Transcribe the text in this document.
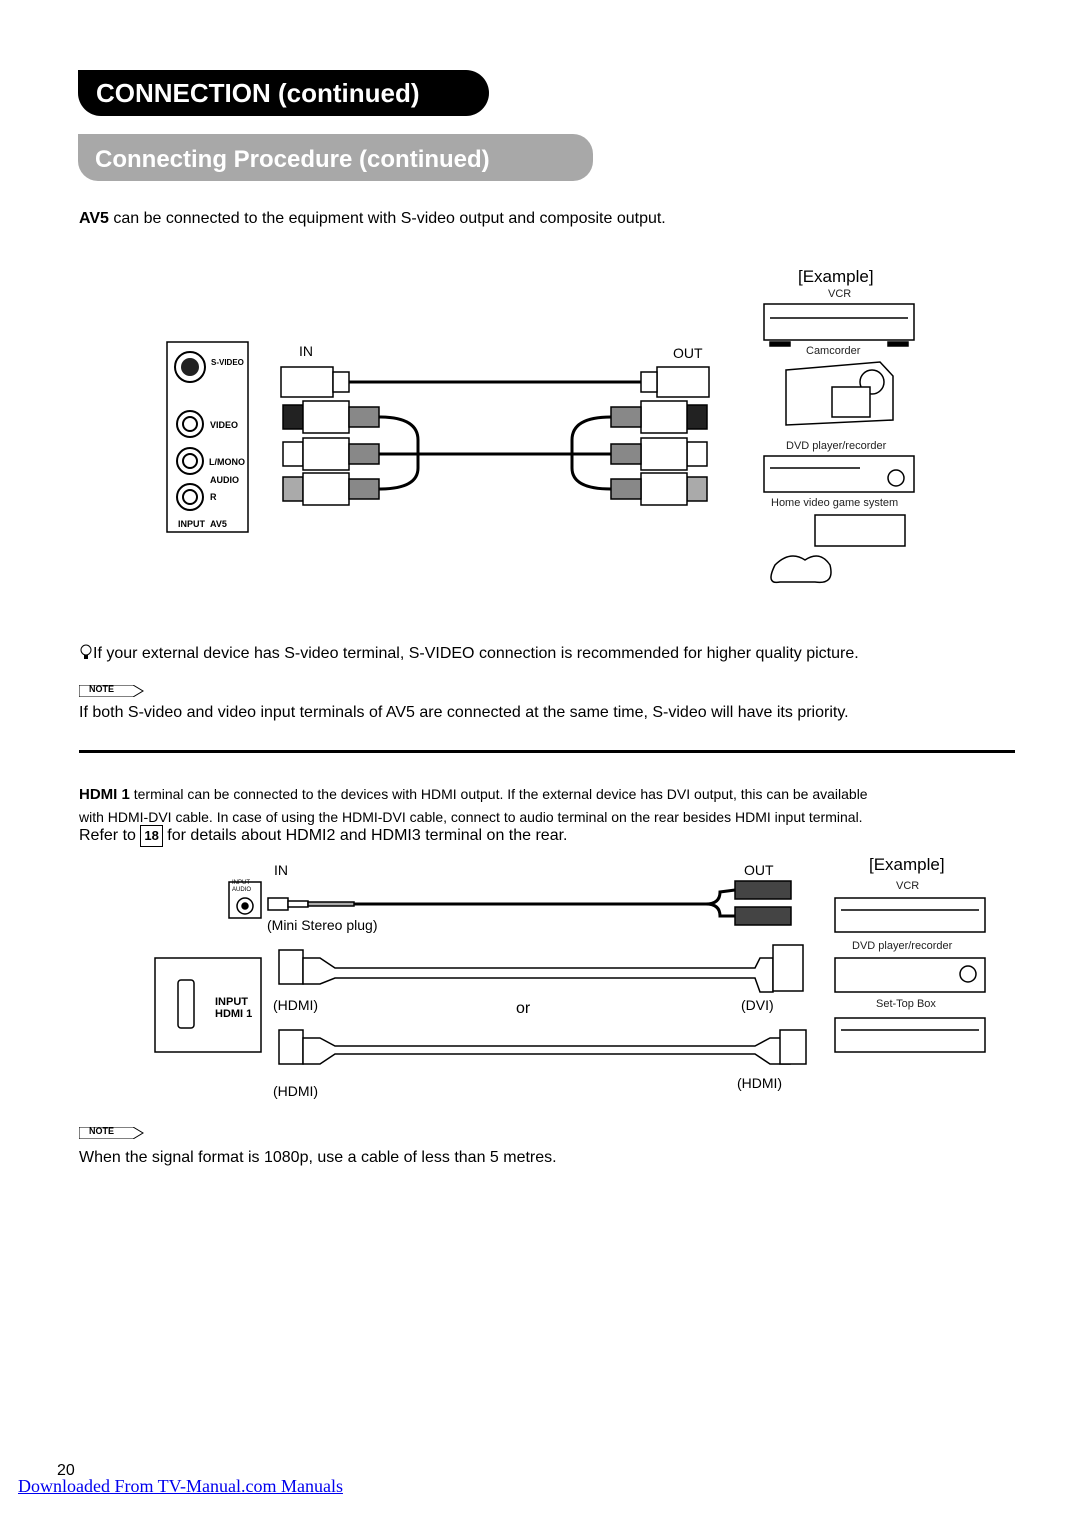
CONNECTION (continued)
Connecting Procedure (continued)
AV5 can be connected to the equipment with S-video output and composite output.
S-VIDEO
VIDEO
L/MONO
AUDIO
R
INPUT AV5
IN	OUT
[Example]
VCR
Camcorder
DVD player/recorder
Home video game system
If your external device has S-video terminal, S-VIDEO connection is recommended for higher quality picture.
NOTE
If both S-video and video input terminals of AV5 are connected at the same time, S-video will have its priority.
HDMI 1 terminal can be connected to the devices with HDMI output. If the external device has DVI output, this can be available
with HDMI-DVI cable. In case of using the HDMI-DVI cable, connect to audio terminal on the rear besides HDMI input terminal.
Refer to 18 for details about HDMI2 and HDMI3 terminal on the rear.
IN	OUT	[Example]
INPUT
AUDIO
(Mini Stereo plug)
INPUT
HDMI 1
(HDMI)	or	(DVI)
(HDMI)	(HDMI)
VCR
DVD player/recorder
Set-Top Box
NOTE
When the signal format is 1080p, use a cable of less than 5 metres.
20
Downloaded From TV-Manual.com Manuals
